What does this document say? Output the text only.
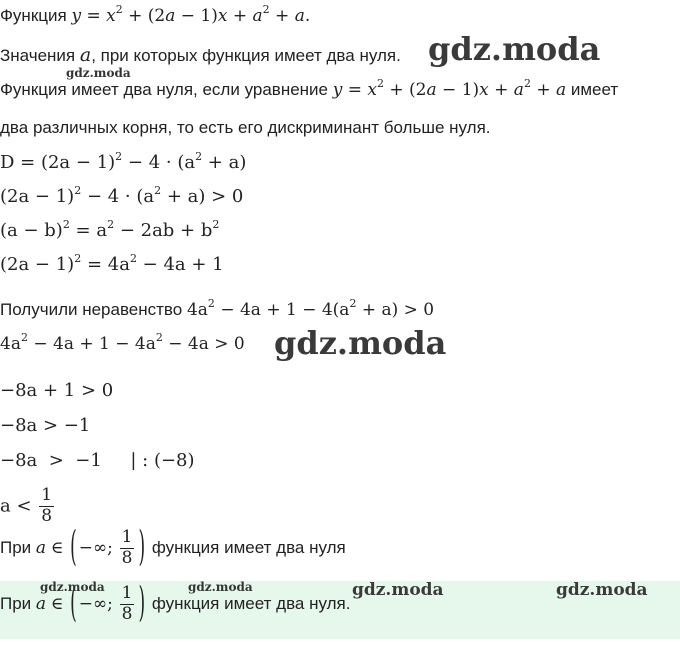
Функция $y = x^2 + (2a - 1)x + a^2 + a$.
Значения a, при которых функция имеет два нуля. gdz.moda
gdz.moda
Функция имеет два нуля, если уравнение $y = x^2 + (2a - 1)x + a^2 + a$ имеет
два различных корня, то есть его дискриминант больше нуля.
$D = (2a - 1)^2 - 4 \cdot (a^2 + a)$
$(2a - 1)^2 - 4 \cdot (a^2 + a) > 0$
$(a - b)^2 = a^2 - 2ab + b^2$
$(2a - 1)^2 = 4a^2 - 4a + 1$
Получили неравенство $4a^2 - 4a + 1 - 4(a^2 + a) > 0$
$4a^2 - 4a + 1 - 4a^2 - 4a > 0$ gdz.moda
−8a + 1 > 0
−8a > −1
−8a  >  −1     | : (−8)
$a < \frac{1}{8}$
При a ∈ ( −∞; $\frac{1}{8}$ ) функция имеет два нуля
При a ∈ ( −∞; $\frac{1}{8}$ ) функция имеет два нуля.
gdz.moda	gdz.moda	gdz.moda	gdz.moda
